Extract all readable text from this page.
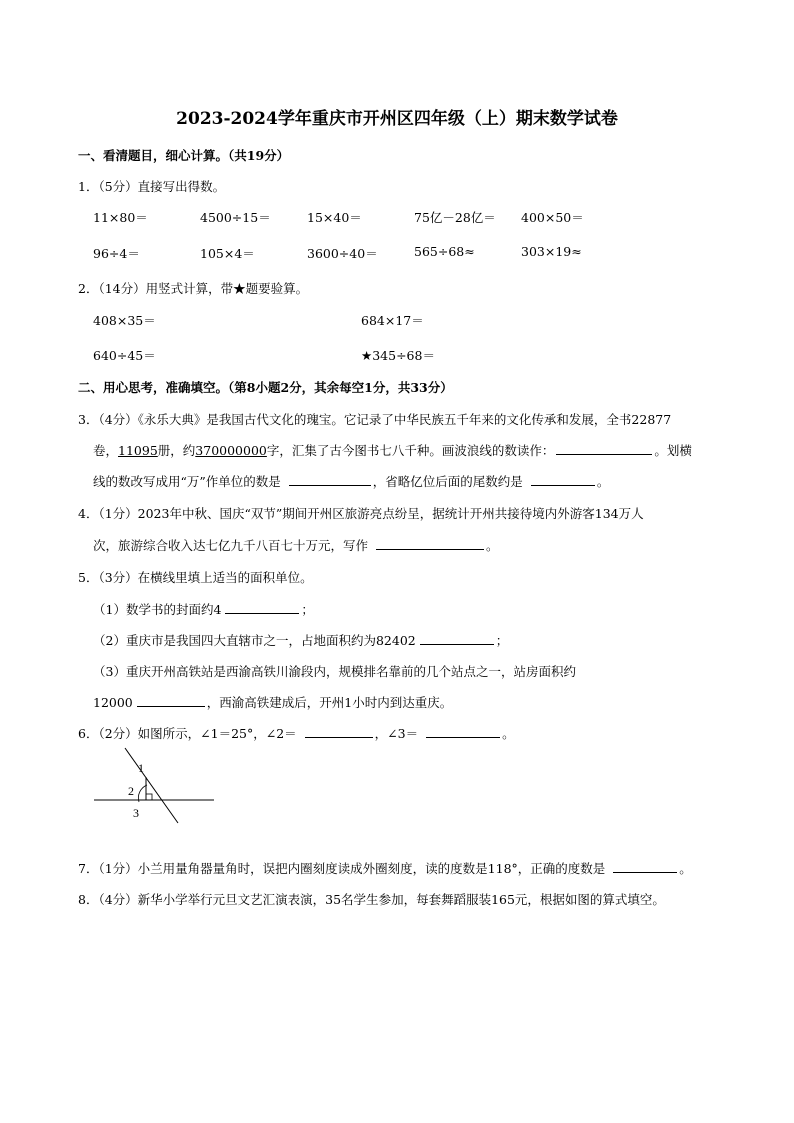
2023-2024学年重庆市开州区四年级（上）期末数学试卷
一、看清题目，细心计算。（共19分）
1．（5分）直接写出得数。
11×80＝	4500÷15＝	15×40＝	75亿－28亿＝ 400×50＝
96÷4＝	105×4＝	3600÷40＝	565÷68≈	303×19≈
2．（14分）用竖式计算，带★题要验算。
408×35＝	684×17＝
640÷45＝	★345÷68＝
二、用心思考，准确填空。（第8小题2分，其余每空1分，共33分）
3．（4分）《永乐大典》是我国古代文化的瑰宝。它记录了中华民族五千年来的文化传承和发展，全书22877
卷，11095册，约370000000字，汇集了古今图书七八千种。画波浪线的数读作：	。划横
线的数改写成用“万”作单位的数是	，省略亿位后面的尾数约是	。
4．（1分）2023年中秋、国庆“双节”期间开州区旅游亮点纷呈，据统计开州共接待境内外游客134万人
次，旅游综合收入达七亿九千八百七十万元，写作	。
5．（3分）在横线里填上适当的面积单位。
（1）数学书的封面约4	；
（2）重庆市是我国四大直辖市之一，占地面积约为82402	；
（3）重庆开州高铁站是西渝高铁川渝段内，规模排名靠前的几个站点之一，站房面积约
12000	，西渝高铁建成后，开州1小时内到达重庆。
6．（2分）如图所示，∠1＝25°，∠2＝	，∠3＝	。
1
2
3
7．（1分）小兰用量角器量角时，误把内圈刻度读成外圈刻度，读的度数是118°，正确的度数是	。
8．（4分）新华小学举行元旦文艺汇演表演，35名学生参加，每套舞蹈服装165元，根据如图的算式填空。
